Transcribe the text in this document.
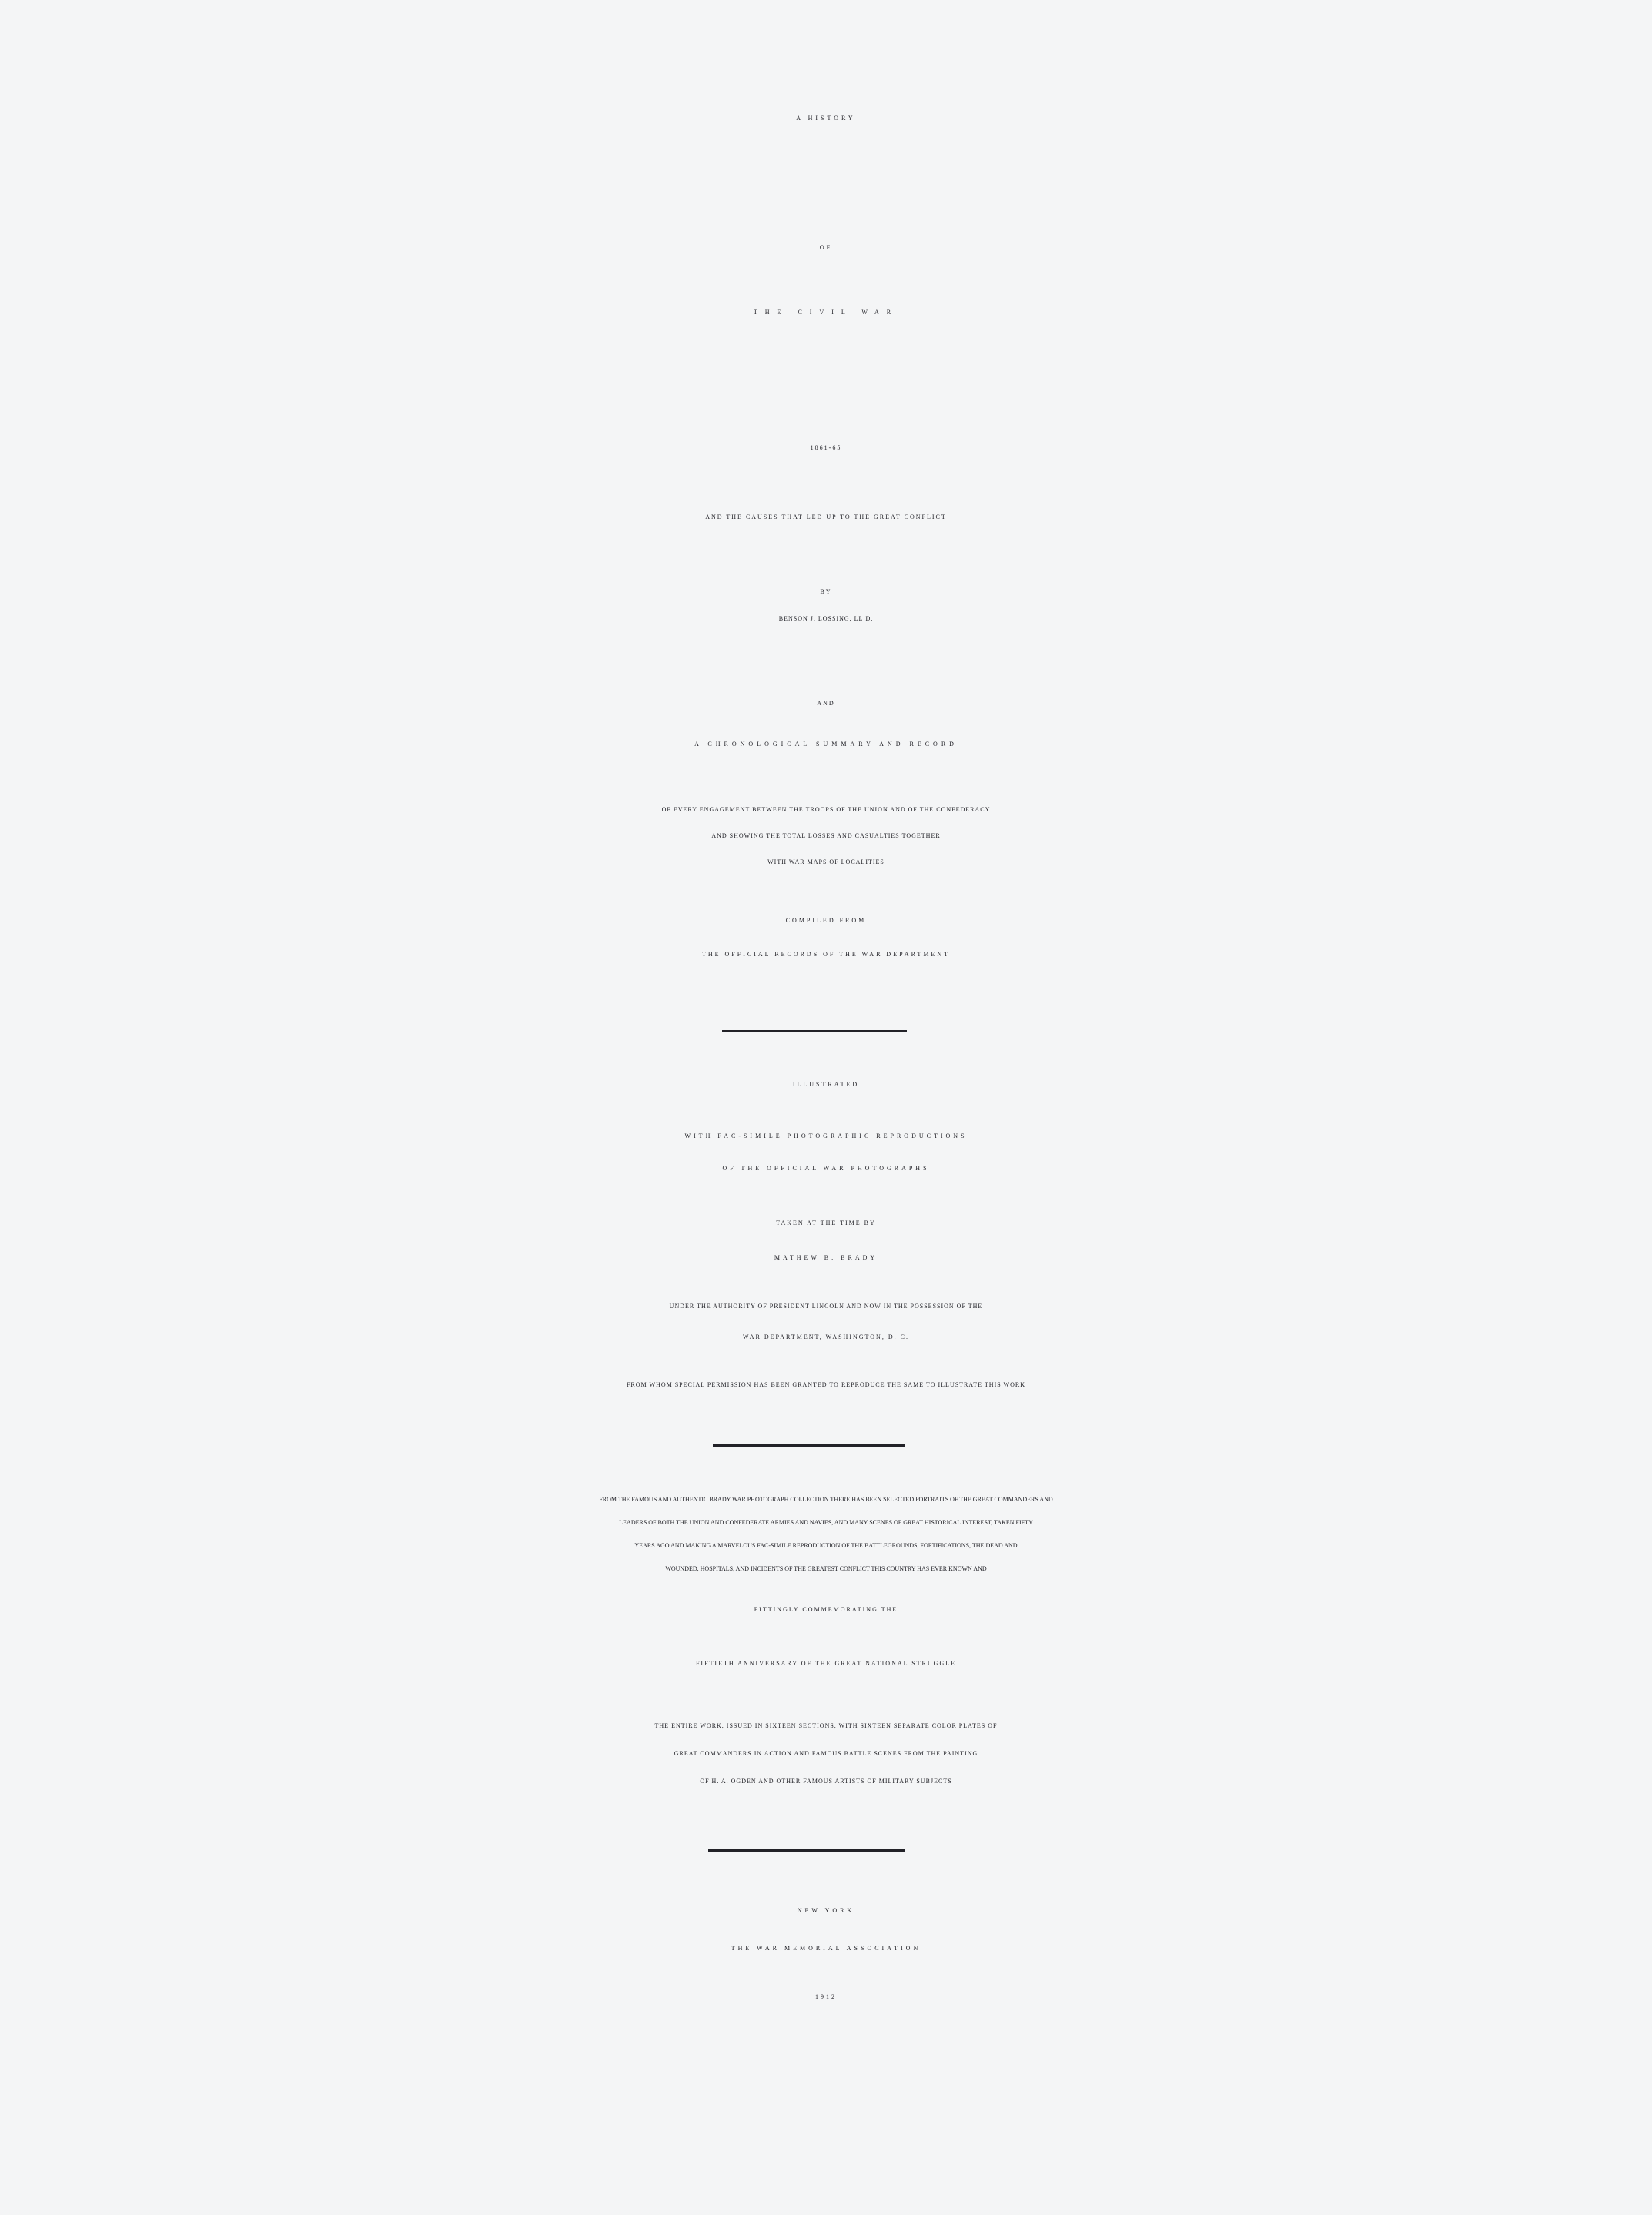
A HISTORY
OF
THE CIVIL WAR
1861-65
AND THE CAUSES THAT LED UP TO THE GREAT CONFLICT
BY
BENSON J. LOSSING, LL.D.
AND
A CHRONOLOGICAL SUMMARY AND RECORD
OF EVERY ENGAGEMENT BETWEEN THE TROOPS OF THE UNION AND OF THE CONFEDERACY
AND SHOWING THE TOTAL LOSSES AND CASUALTIES TOGETHER
WITH WAR MAPS OF LOCALITIES
COMPILED FROM
THE OFFICIAL RECORDS OF THE WAR DEPARTMENT
ILLUSTRATED
WITH FAC-SIMILE PHOTOGRAPHIC REPRODUCTIONS
OF THE OFFICIAL WAR PHOTOGRAPHS
TAKEN AT THE TIME BY
MATHEW B. BRADY
UNDER THE AUTHORITY OF PRESIDENT LINCOLN AND NOW IN THE POSSESSION OF THE
WAR DEPARTMENT, WASHINGTON, D. C.
FROM WHOM SPECIAL PERMISSION HAS BEEN GRANTED TO REPRODUCE THE SAME TO ILLUSTRATE THIS WORK
FROM THE FAMOUS AND AUTHENTIC BRADY WAR PHOTOGRAPH COLLECTION THERE HAS BEEN SELECTED PORTRAITS OF THE GREAT COMMANDERS AND
LEADERS OF BOTH THE UNION AND CONFEDERATE ARMIES AND NAVIES, AND MANY SCENES OF GREAT HISTORICAL INTEREST, TAKEN FIFTY
YEARS AGO AND MAKING A MARVELOUS FAC-SIMILE REPRODUCTION OF THE BATTLEGROUNDS, FORTIFICATIONS, THE DEAD AND
WOUNDED, HOSPITALS, AND INCIDENTS OF THE GREATEST CONFLICT THIS COUNTRY HAS EVER KNOWN AND
FITTINGLY COMMEMORATING THE
FIFTIETH ANNIVERSARY OF THE GREAT NATIONAL STRUGGLE
THE ENTIRE WORK, ISSUED IN SIXTEEN SECTIONS, WITH SIXTEEN SEPARATE COLOR PLATES OF
GREAT COMMANDERS IN ACTION AND FAMOUS BATTLE SCENES FROM THE PAINTING
OF H. A. OGDEN AND OTHER FAMOUS ARTISTS OF MILITARY SUBJECTS
NEW YORK
THE WAR MEMORIAL ASSOCIATION
1912
